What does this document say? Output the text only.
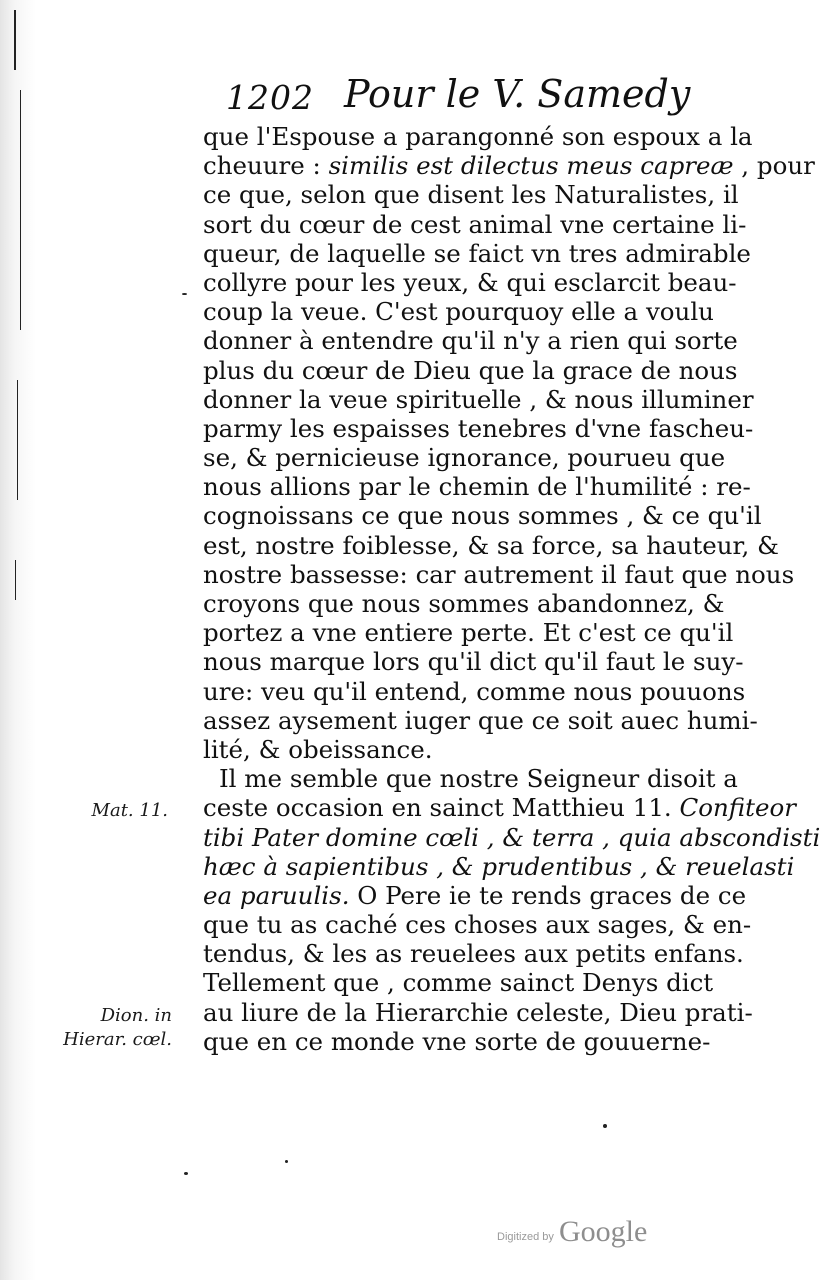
1202 Pour le V. Samedy
que l'Espouse a parangonné son espoux a la
cheuure : similis est dilectus meus capreæ , pour
ce que, selon que disent les Naturalistes, il
sort du cœur de cest animal vne certaine li-
queur, de laquelle se faict vn tres admirable
collyre pour les yeux, & qui esclarcit beau-
coup la veue. C'est pourquoy elle a voulu
donner à entendre qu'il n'y a rien qui sorte
plus du cœur de Dieu que la grace de nous
donner la veue spirituelle , & nous illuminer
parmy les espaisses tenebres d'vne fascheu-
se, & pernicieuse ignorance, pourueu que
nous allions par le chemin de l'humilité : re-
cognoissans ce que nous sommes , & ce qu'il
est, nostre foiblesse, & sa force, sa hauteur, &
nostre bassesse: car autrement il faut que nous
croyons que nous sommes abandonnez, &
portez a vne entiere perte. Et c'est ce qu'il
nous marque lors qu'il dict qu'il faut le suy-
ure: veu qu'il entend, comme nous pouuons
assez aysement iuger que ce soit auec humi-
lité, & obeissance.
Il me semble que nostre Seigneur disoit a
ceste occasion en sainct Matthieu 11. Confiteor
tibi Pater domine cœli , & terra , quia abscondisti
hæc à sapientibus , & prudentibus , & reuelasti
ea paruulis. O Pere ie te rends graces de ce
que tu as caché ces choses aux sages, & en-
tendus, & les as reuelees aux petits enfans.
Tellement que , comme sainct Denys dict
au liure de la Hierarchie celeste, Dieu prati-
que en ce monde vne sorte de gouuerne-
Mat. 11.
Dion. in
Hierar. cœl.
Digitized by Google
